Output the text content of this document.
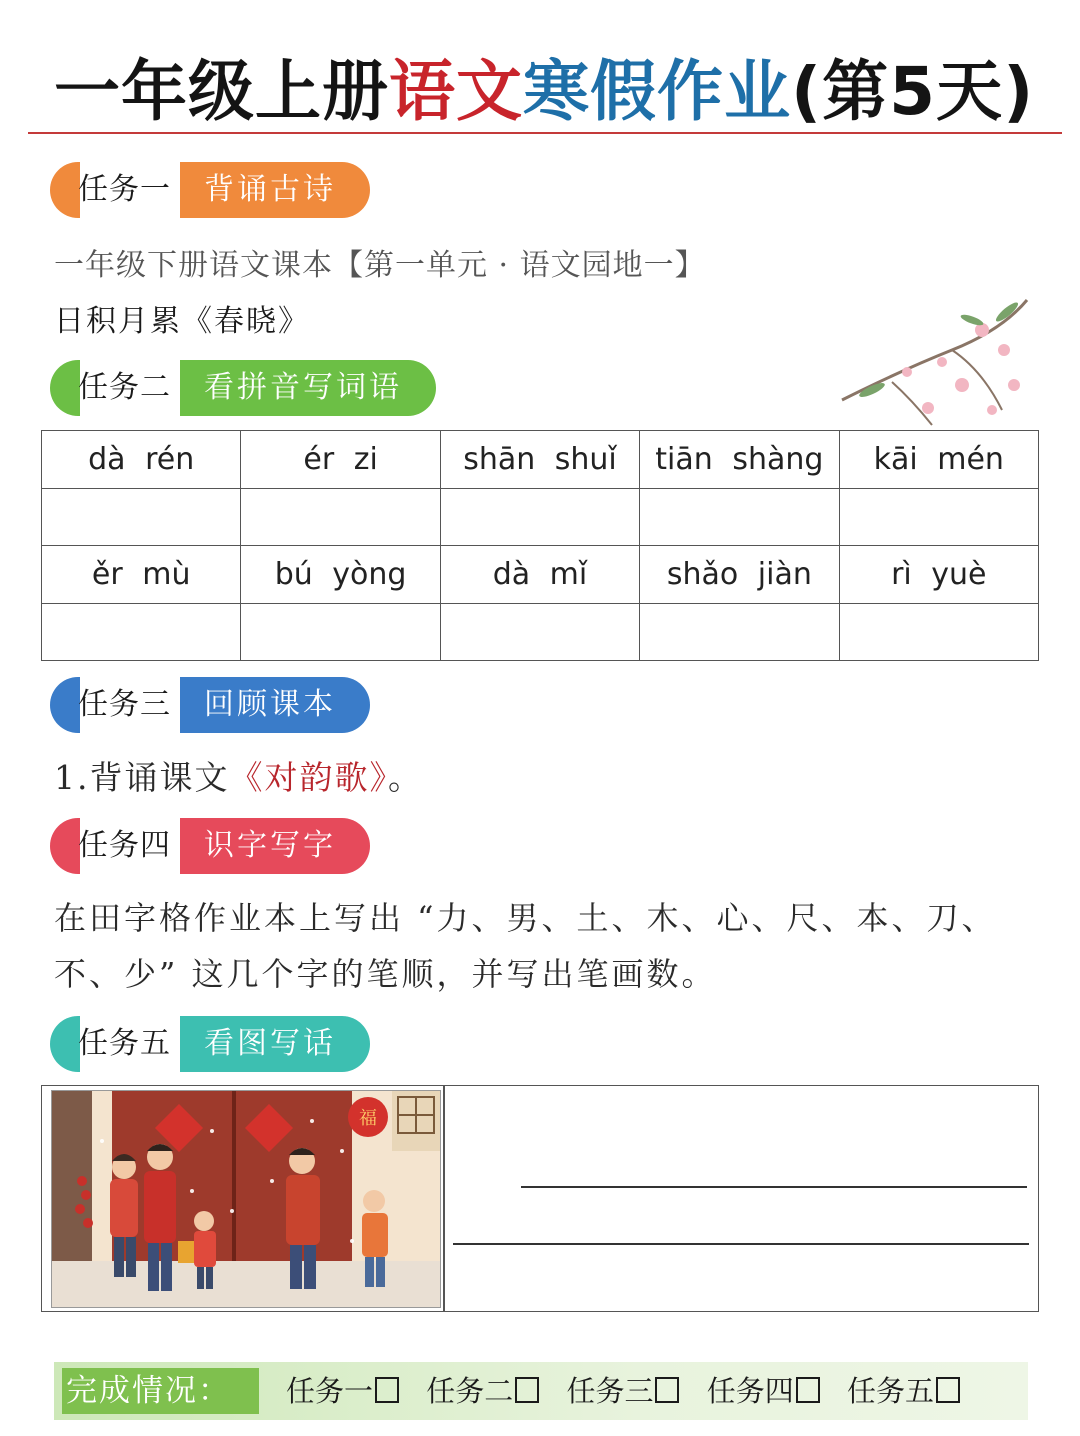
一年级上册语文寒假作业(第5天)
任务一	背诵古诗
一年级下册语文课本【第一单元 · 语文园地一】
日积月累《春晓》
任务二	看拼音写词语
dà rén	ér zi	shān shuǐ	tiān shàng	kāi mén

ěr mù	bú yòng	dà mǐ	shǎo jiàn	rì yuè

任务三	回顾课本
1.背诵课文《对韵歌》。
任务四	识字写字
在田字格作业本上写出 “力、男、土、木、心、尺、本、刀、
不、少” 这几个字的笔顺，并写出笔画数。
任务五	看图写话
福
完成情况：	任务一 任务二 任务三 任务四 任务五
